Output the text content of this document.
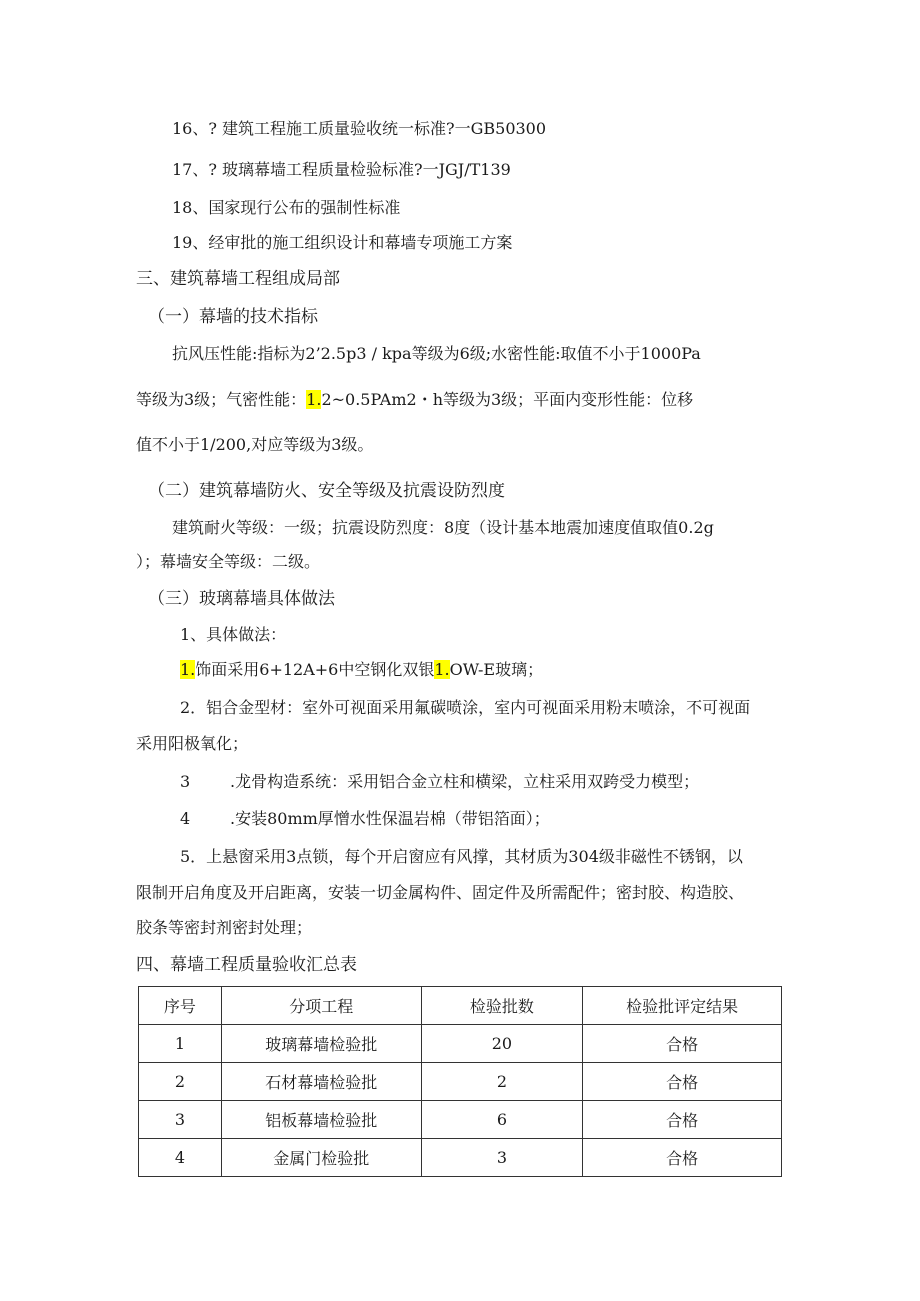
16、? 建筑工程施工质量验收统一标准?一GB50300
17、? 玻璃幕墙工程质量检验标准?一JGJ/T139
18、国家现行公布的强制性标准
19、经审批的施工组织设计和幕墙专项施工方案
三、建筑幕墙工程组成局部
（一）幕墙的技术指标
抗风压性能:指标为2’2.5p3 / kpa等级为6级;水密性能:取值不小于1000Pa
等级为3级；气密性能：1.2~0.5PAm2・h等级为3级；平面内变形性能：位移
值不小于1/200,对应等级为3级。
（二）建筑幕墙防火、安全等级及抗震设防烈度
建筑耐火等级：一级；抗震设防烈度：8度（设计基本地震加速度值取值0.2g
）；幕墙安全等级：二级。
（三）玻璃幕墙具体做法
1、具体做法：
1.饰面采用6+12A+6中空钢化双银1.OW-E玻璃；
2．铝合金型材：室外可视面采用氟碳喷涂，室内可视面采用粉末喷涂，不可视面
采用阳极氧化；
3 .龙骨构造系统：采用铝合金立柱和横梁，立柱采用双跨受力模型；
4 .安装80mm厚憎水性保温岩棉（带铝箔面）；
5．上悬窗采用3点锁，每个开启窗应有风撑，其材质为304级非磁性不锈钢，以
限制开启角度及开启距离，安装一切金属构件、固定件及所需配件；密封胶、构造胶、
胶条等密封剂密封处理；
四、幕墙工程质量验收汇总表
序号	分项工程	检验批数	检验批评定结果
1	玻璃幕墙检验批	20	合格
2	石材幕墙检验批	2	合格
3	铝板幕墙检验批	6	合格
4	金属门检验批	3	合格
